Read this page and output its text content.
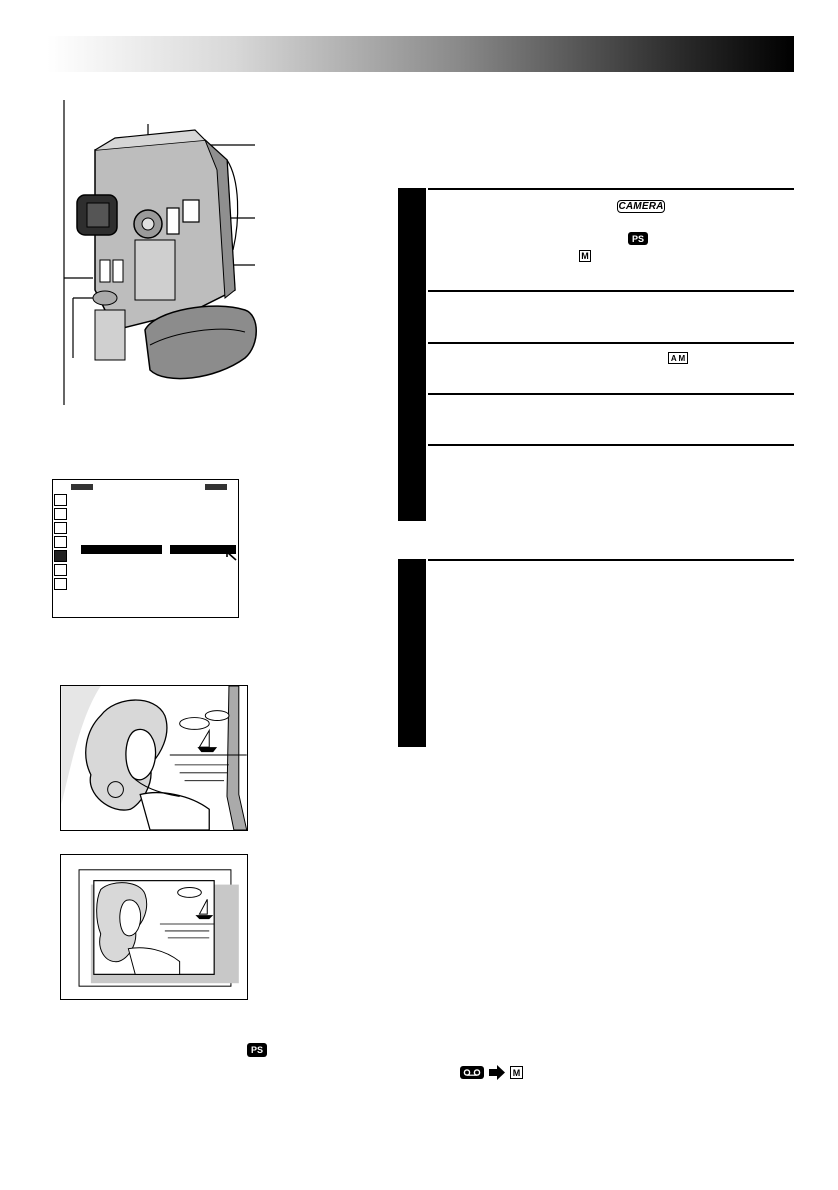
CAMERA
PS
M
A M
PS
M
